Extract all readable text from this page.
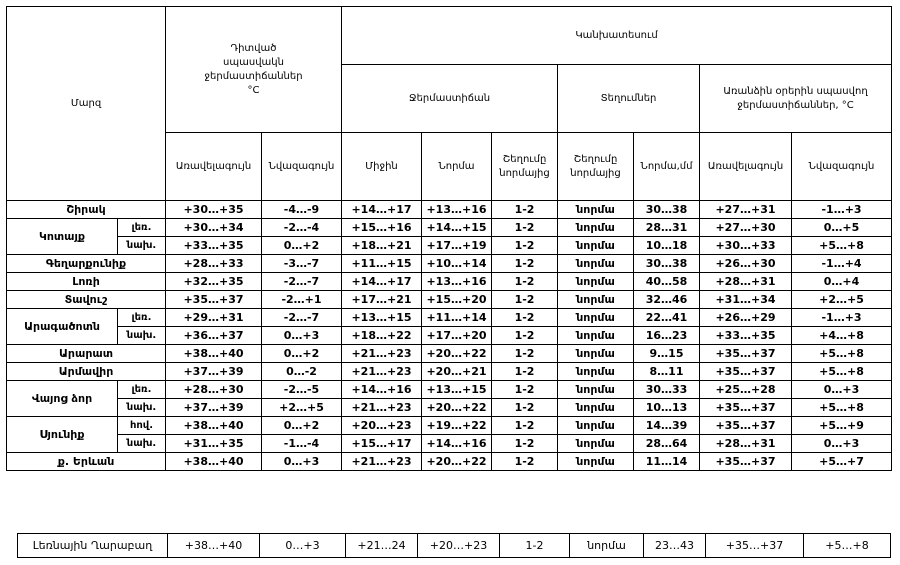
Մարզ		Դիտված սպասվակն ջերմաստիճաններ °C		Կանխատեսում						
				Ջերմաստիճան			Տեղումներ		Առանձին օրերին սպասվող ջերմաստիճաններ, °C	
		Առավելագույն	Նվազագույն	Միջին	Նորմա	Շեղումը նորմայից	Շեղումը նորմայից	Նորմա,մմ	Առավելագույն	Նվազագույն
Շիրակ		+30…+35	-4…-9	+14…+17	+13…+16	1-2	նորմա	30…38	+27…+31	-1…+3
Կոտայք	լեռ.	+30…+34	-2…-4	+15…+16	+14…+15	1-2	նորմա	28…31	+27…+30	0…+5
	նախ.	+33…+35	0…+2	+18…+21	+17…+19	1-2	նորմա	10…18	+30…+33	+5…+8
Գեղարքունիք		+28…+33	-3…-7	+11…+15	+10…+14	1-2	նորմա	30…38	+26…+30	-1…+4
Լոռի		+32…+35	-2…-7	+14…+17	+13…+16	1-2	նորմա	40…58	+28…+31	0…+4
Տավուշ		+35…+37	-2…+1	+17…+21	+15…+20	1-2	նորմա	32…46	+31…+34	+2…+5
Արագածոտն	լեռ.	+29…+31	-2…-7	+13…+15	+11…+14	1-2	նորմա	22…41	+26…+29	-1…+3
	նախ.	+36…+37	0…+3	+18…+22	+17…+20	1-2	նորմա	16…23	+33…+35	+4…+8
Արարատ		+38…+40	0…+2	+21…+23	+20…+22	1-2	նորմա	9…15	+35…+37	+5…+8
Արմավիր		+37…+39	0…-2	+21…+23	+20…+21	1-2	նորմա	8…11	+35…+37	+5…+8
Վայոց ձոր	լեռ.	+28…+30	-2…-5	+14…+16	+13…+15	1-2	նորմա	30…33	+25…+28	0…+3
	նախ.	+37…+39	+2…+5	+21…+23	+20…+22	1-2	նորմա	10…13	+35…+37	+5…+8
Սյունիք	հով.	+38…+40	0…+2	+20…+23	+19…+22	1-2	նորմա	14…39	+35…+37	+5…+9
	նախ.	+31…+35	-1…-4	+15…+17	+14…+16	1-2	նորմա	28…64	+28…+31	0…+3
ք. Երևան		+38…+40	0…+3	+21…+23	+20…+22	1-2	նորմա	11…14	+35…+37	+5…+7
Լեռնային Ղարաբաղ	+38…+40	0…+3	+21…24	+20…+23	1-2	նորմա	23…43	+35…+37	+5…+8
